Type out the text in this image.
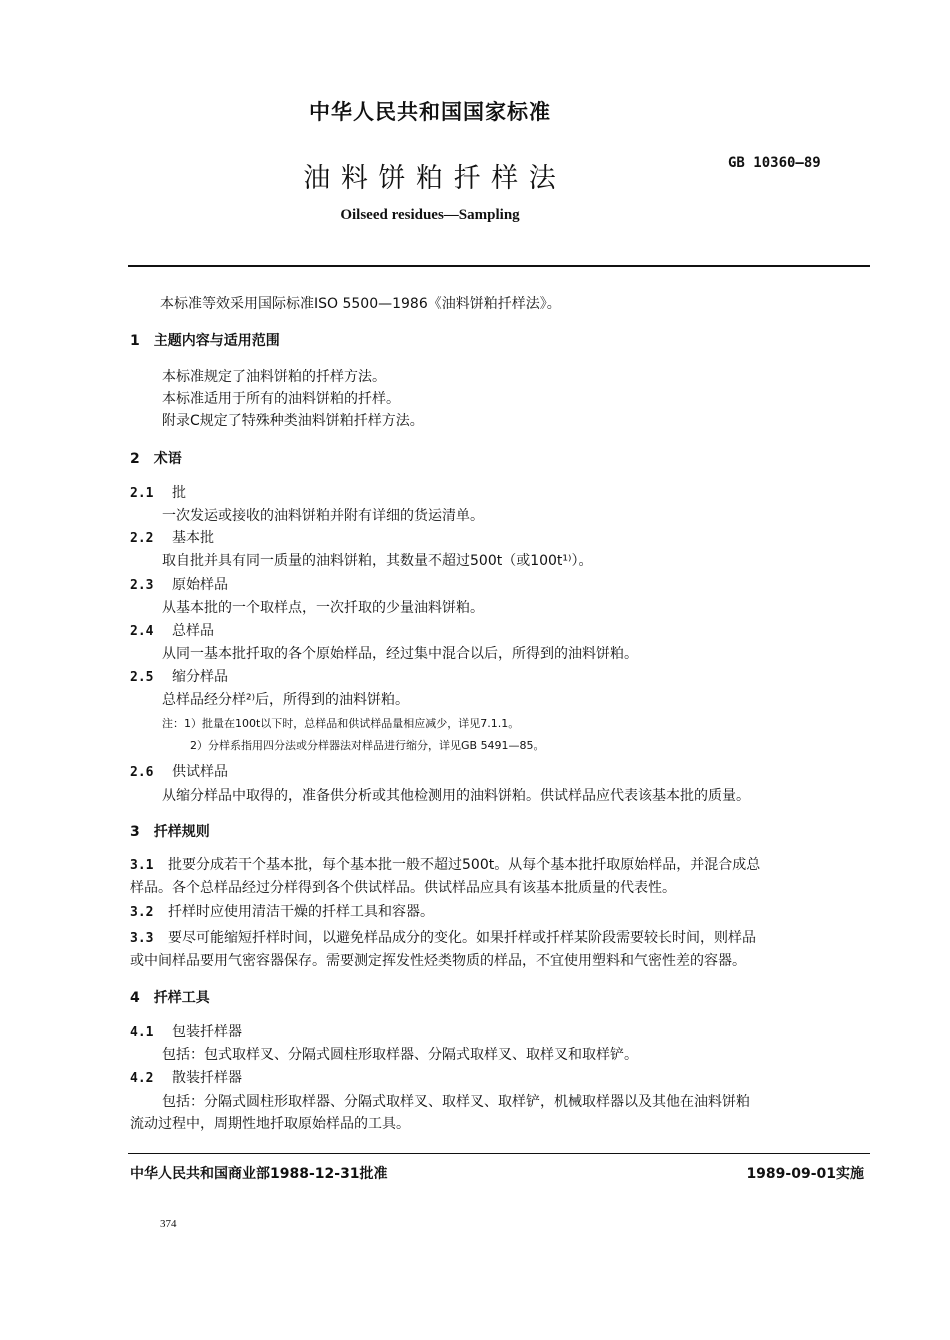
中华人民共和国国家标准
GB 10360—89
油 料 饼 粕 扦 样 法
Oilseed residues—Sampling
本标准等效采用国际标准ISO 5500—1986《油料饼粕扦样法》。
1　主题内容与适用范围
本标准规定了油料饼粕的扦样方法。
本标准适用于所有的油料饼粕的扦样。
附录C规定了特殊种类油料饼粕扦样方法。
2　术语
2.1 批
一次发运或接收的油料饼粕并附有详细的货运清单。
2.2 基本批
取自批并具有同一质量的油料饼粕，其数量不超过500t（或100t¹⁾）。
2.3 原始样品
从基本批的一个取样点，一次扦取的少量油料饼粕。
2.4 总样品
从同一基本批扦取的各个原始样品，经过集中混合以后，所得到的油料饼粕。
2.5 缩分样品
总样品经分样²⁾后，所得到的油料饼粕。
注：1）批量在100t以下时，总样品和供试样品量相应减少，详见7.1.1。
2）分样系指用四分法或分样器法对样品进行缩分，详见GB 5491—85。
2.6 供试样品
从缩分样品中取得的，准备供分析或其他检测用的油料饼粕。供试样品应代表该基本批的质量。
3　扦样规则
3.1 批要分成若干个基本批，每个基本批一般不超过500t。从每个基本批扦取原始样品，并混合成总
样品。各个总样品经过分样得到各个供试样品。供试样品应具有该基本批质量的代表性。
3.2 扦样时应使用清洁干燥的扦样工具和容器。
3.3 要尽可能缩短扦样时间，以避免样品成分的变化。如果扦样或扦样某阶段需要较长时间，则样品
或中间样品要用气密容器保存。需要测定挥发性烃类物质的样品，不宜使用塑料和气密性差的容器。
4　扦样工具
4.1 包装扦样器
包括：包式取样叉、分隔式圆柱形取样器、分隔式取样叉、取样叉和取样铲。
4.2 散装扦样器
包括：分隔式圆柱形取样器、分隔式取样叉、取样叉、取样铲，机械取样器以及其他在油料饼粕
流动过程中，周期性地扦取原始样品的工具。
中华人民共和国商业部1988-12-31批准	1989-09-01实施
374
